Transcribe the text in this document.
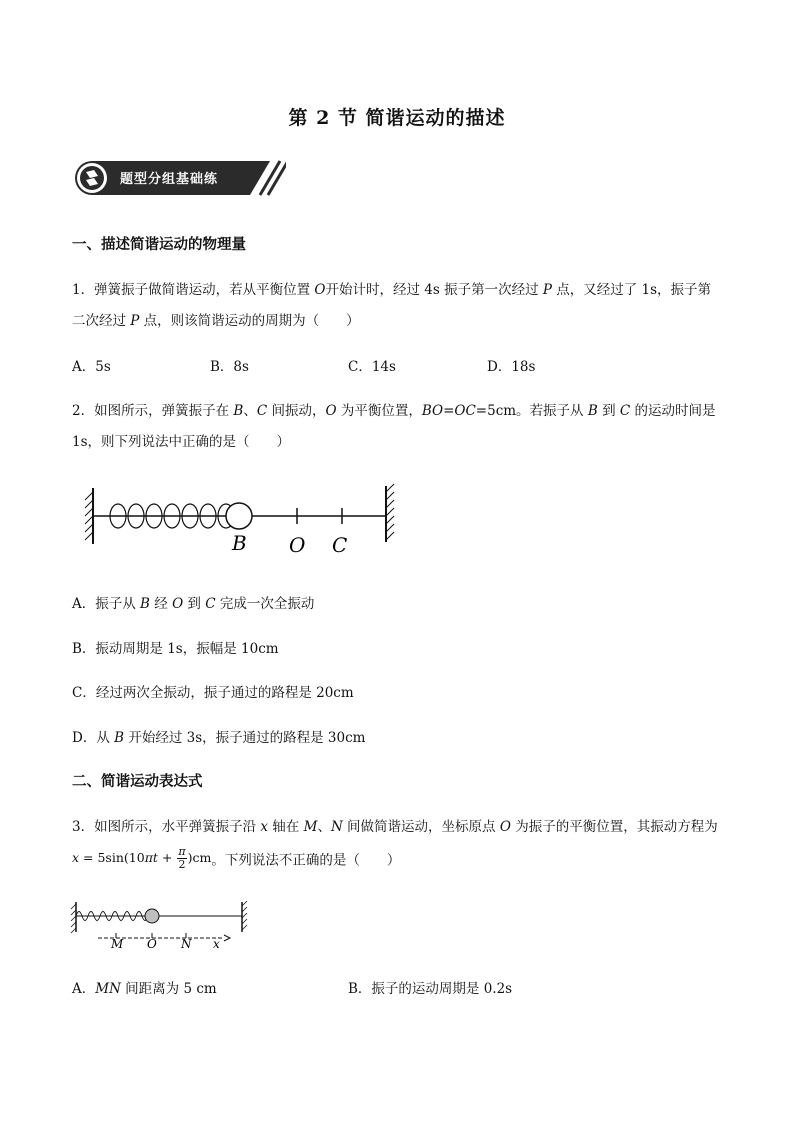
第 2 节 简谐运动的描述
题型分组基础练
一、描述简谐运动的物理量
1．弹簧振子做简谐运动，若从平衡位置 O开始计时，经过 4s 振子第一次经过 P 点，又经过了 1s，振子第
二次经过 P 点，则该简谐运动的周期为（　　）
A．5s	B．8s	C．14s	D．18s
2．如图所示，弹簧振子在 B、C 间振动，O 为平衡位置，BO=OC=5cm。若振子从 B 到 C 的运动时间是
1s，则下列说法中正确的是（　　）
B O C
A．振子从 B 经 O 到 C 完成一次全振动
B．振动周期是 1s，振幅是 10cm
C．经过两次全振动，振子通过的路程是 20cm
D．从 B 开始经过 3s，振子通过的路程是 30cm
二、简谐运动表达式
3．如图所示，水平弹簧振子沿 x 轴在 M、N 间做简谐运动，坐标原点 O 为振子的平衡位置，其振动方程为
$x = 5\sin(10\pi t + \frac{\pi}{2} )cm$。下列说法不正确的是（　　）
M O N x
A．MN 间距离为 5 cm	B．振子的运动周期是 0.2s
